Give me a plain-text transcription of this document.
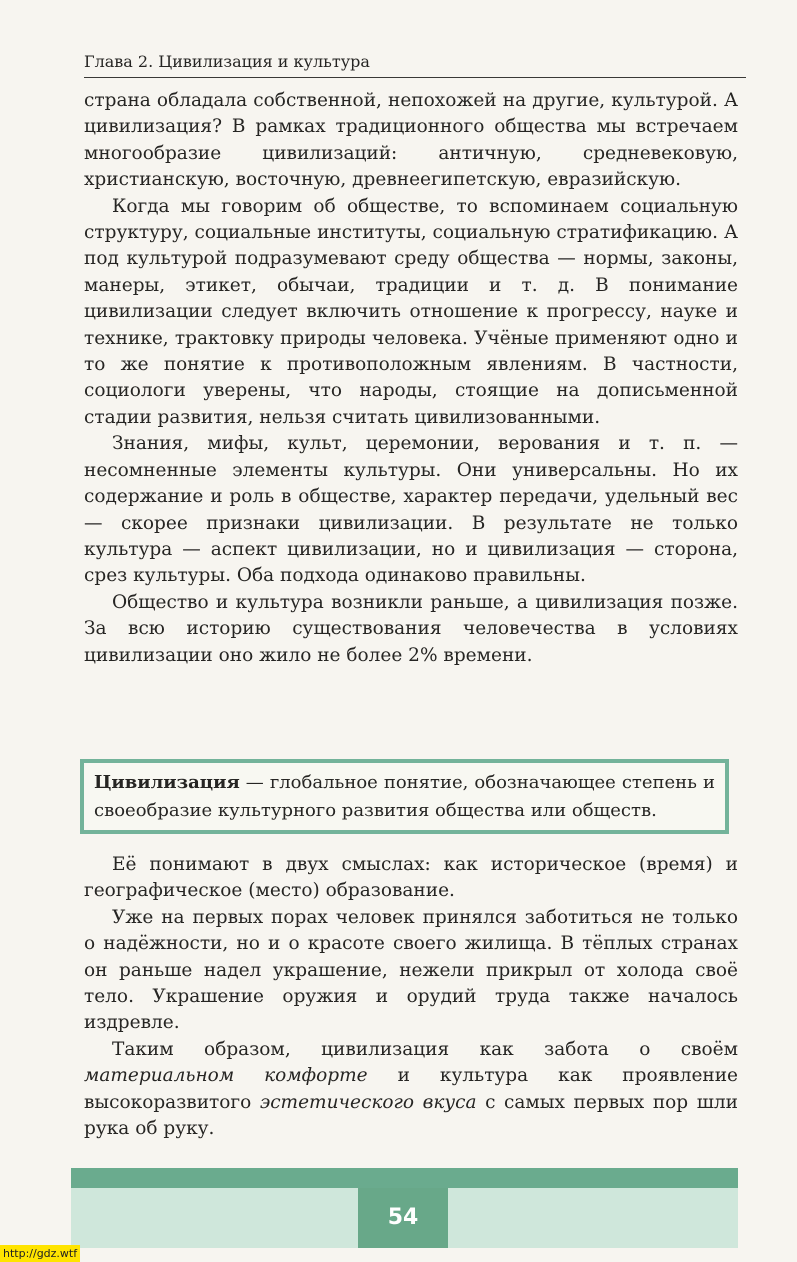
Глава 2. Цивилизация и культура

страна обладала собственной, непохожей на другие, культурой. А цивилизация? В рамках традиционного общества мы встречаем многообразие цивилизаций: античную, средневековую, христианскую, восточную, древнеегипетскую, евразийскую.

Когда мы говорим об обществе, то вспоминаем социальную структуру, социальные институты, социальную стратификацию. А под культурой подразумевают среду общества — нормы, законы, манеры, этикет, обычаи, традиции и т. д. В понимание цивилизации следует включить отношение к прогрессу, науке и технике, трактовку природы человека. Учёные применяют одно и то же понятие к противоположным явлениям. В частности, социологи уверены, что народы, стоящие на дописьменной стадии развития, нельзя считать цивилизованными.

Знания, мифы, культ, церемонии, верования и т. п. — несомненные элементы культуры. Они универсальны. Но их содержание и роль в обществе, характер передачи, удельный вес — скорее признаки цивилизации. В результате не только культура — аспект цивилизации, но и цивилизация — сторона, срез культуры. Оба подхода одинаково правильны.

Общество и культура возникли раньше, а цивилизация позже. За всю историю существования человечества в условиях цивилизации оно жило не более 2% времени.

Цивилизация — глобальное понятие, обозначающее степень и своеобразие культурного развития общества или обществ.

Её понимают в двух смыслах: как историческое (время) и географическое (место) образование.

Уже на первых порах человек принялся заботиться не только о надёжности, но и о красоте своего жилища. В тёплых странах он раньше надел украшение, нежели прикрыл от холода своё тело. Украшение оружия и орудий труда также началось издревле.

Таким образом, цивилизация как забота о своём материальном комфорте и культура как проявление высокоразвитого эстетического вкуса с самых первых пор шли рука об руку.

54
http://gdz.wtf
